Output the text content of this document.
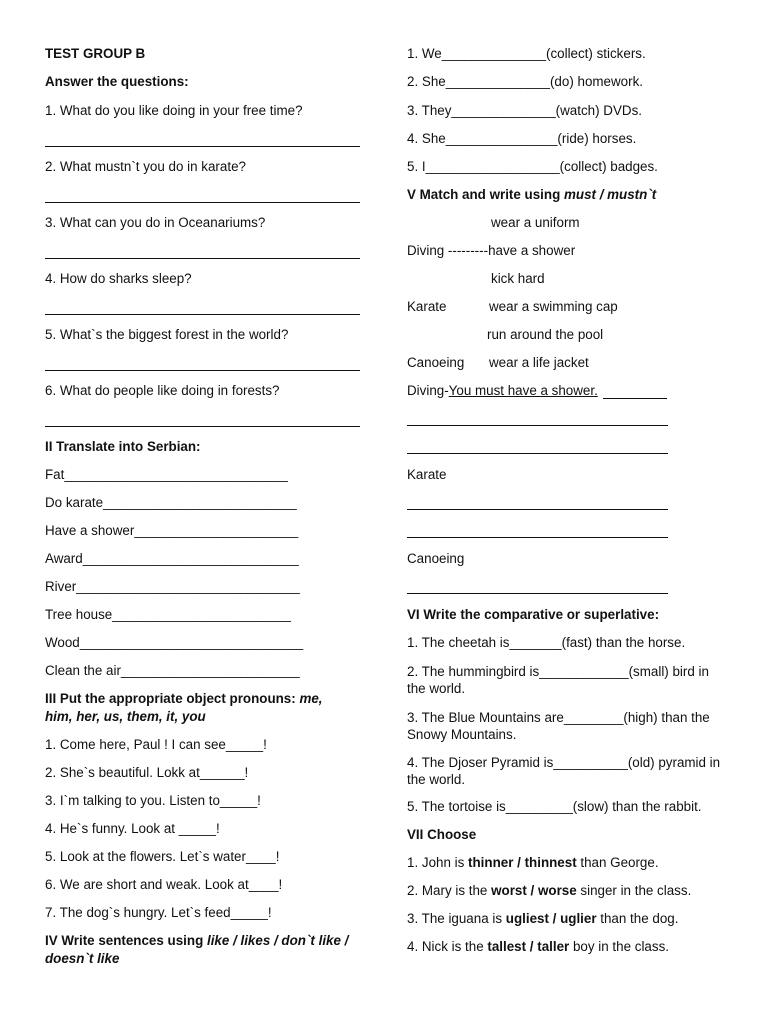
TEST GROUP B
Answer the questions:
1. What do you like doing in your free time?
2. What mustn`t you do in karate?
3. What can you do in Oceanariums?
4. How do sharks sleep?
5. What`s the biggest forest in the world?
6. What do people like doing in forests?
II Translate into Serbian:
Fat______________________________
Do karate__________________________
Have a shower______________________
Award_____________________________
River______________________________
Tree house________________________
Wood______________________________
Clean the air________________________
III Put the appropriate object pronouns: me,
him, her, us, them, it, you
1. Come here, Paul ! I can see_____!
2. She`s beautiful. Lokk at______!
3. I`m talking to you. Listen to_____!
4. He`s funny. Look at _____!
5. Look at the flowers. Let`s water____!
6. We are short and weak. Look at____!
7. The dog`s hungry. Let`s feed_____!
IV Write sentences using like / likes / don`t like /
doesn`t like
1. We______________(collect) stickers.
2. She______________(do) homework.
3. They______________(watch) DVDs.
4. She_______________(ride) horses.
5. I__________________(collect) badges.
V Match and write using must / mustn`t
wear a uniform
Diving ---------have a shower
kick hard
Karate	wear a swimming cap
run around the pool
Canoeing wear a life jacket
Diving-You must have a shower.
Karate
Canoeing
VI Write the comparative or superlative:
1. The cheetah is_______(fast) than the horse.
2. The hummingbird is____________(small) bird in the world.
3. The Blue Mountains are________(high) than the Snowy Mountains.
4. The Djoser Pyramid is__________(old) pyramid in the world.
5. The tortoise is_________(slow) than the rabbit.
VII Choose
1. John is thinner / thinnest than George.
2. Mary is the worst / worse singer in the class.
3. The iguana is ugliest / uglier than the dog.
4. Nick is the tallest / taller boy in the class.
